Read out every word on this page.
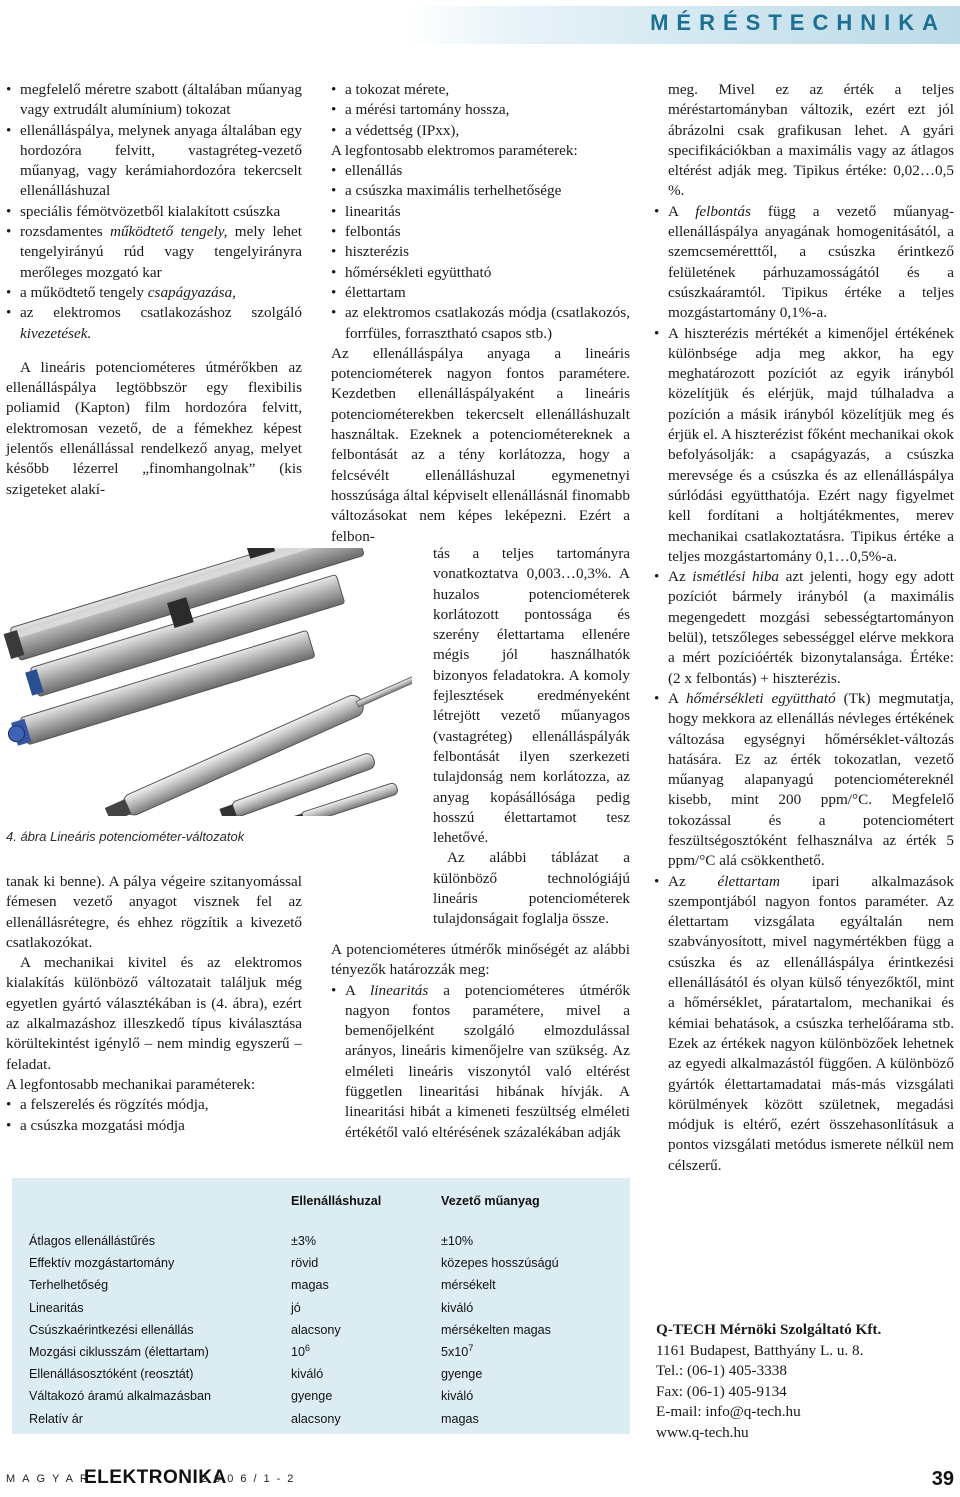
MÉRÉSTECHNIKA
• megfelelő méretre szabott (általában műanyag vagy extrudált alumínium) tokozat
• ellenálláspálya, melynek anyaga általában egy hordozóra felvitt, vastagréteg-vezető műanyag, vagy kerámiahordozóra tekercselt ellenálláshuzal
• speciális fémötvözetből kialakított csúszka
• rozsdamentes működtető tengely, mely lehet tengelyirányú rúd vagy tengelyirányra merőleges mozgató kar
• a működtető tengely csapágyazása,
• az elektromos csatlakozáshoz szolgáló kivezetések.

A lineáris potenciométeres útmérőkben az ellenálláspálya legtöbbször egy flexibilis poliamid (Kapton) film hordozóra felvitt, elektromosan vezető, de a fémekhez képest jelentős ellenállással rendelkező anyag, melyet később lézerrel „finomhangolnak” (kis szigeteket alakí-

4. ábra Lineáris potenciométer-változatok

tanak ki benne). A pálya végeire szitanyomással fémesen vezető anyagot visznek fel az ellenállásrétegre, és ehhez rögzítik a kivezető csatlakozókat.

A mechanikai kivitel és az elektromos kialakítás különböző változatait találjuk még egyetlen gyártó választékában is (4. ábra), ezért az alkalmazáshoz illeszkedő típus kiválasztása körültekintést igénylő – nem mindig egyszerű – feladat.

A legfontosabb mechanikai paraméterek:

• a felszerelés és rögzítés módja,
• a csúszka mozgatási módja
• a tokozat mérete,
• a mérési tartomány hossza,
• a védettség (IPxx),

A legfontosabb elektromos paraméterek:

• ellenállás
• a csúszka maximális terhelhetősége
• linearitás
• felbontás
• hiszterézis
• hőmérsékleti együttható
• élettartam
• az elektromos csatlakozás módja (csatlakozós, forrfüles, forrasztható csapos stb.)

Az ellenálláspálya anyaga a lineáris potenciométerek nagyon fontos paramétere. Kezdetben ellenálláspályaként a lineáris potenciométerekben tekercselt ellenálláshuzalt használtak. Ezeknek a potenciométereknek a felbontását az a tény korlátozza, hogy a felcsévélt ellenálláshuzal egymenetnyi hosszúsága által képviselt ellenállásnál finomabb változásokat nem képes leképezni. Ezért a felbon-

tás a teljes tartományra vonatkoztatva 0,003…0,3%. A huzalos potenciométerek korlátozott pontossága és szerény élettartama ellenére mégis jól használhatók bizonyos feladatokra. A komoly fejlesztések eredményeként létrejött vezető műanyagos (vastagréteg) ellenálláspályák felbontását ilyen szerkezeti tulajdonság nem korlátozza, az anyag kopásállósága pedig hosszú élettartamot tesz lehetővé.

Az alábbi táblázat a különböző technológiájú lineáris potenciométerek tulajdonságait foglalja össze.

A potenciométeres útmérők minőségét az alábbi tényezők határozzák meg:

• A linearitás a potenciométeres útmérők nagyon fontos paramétere, mivel a bemenőjelként szolgáló elmozdulással arányos, lineáris kimenőjelre van szükség. Az elméleti lineáris viszonytól való eltérést független linearitási hibának hívják. A linearitási hibát a kimeneti feszültség elméleti értékétől való eltérésének százalékában adják

meg. Mivel ez az érték a teljes méréstartományban változik, ezért ezt jól ábrázolni csak grafikusan lehet. A gyári specifikációkban a maximális vagy az átlagos eltérést adják meg. Tipikus értéke: 0,02…0,5 %.

• A felbontás függ a vezető műanyag-ellenálláspálya anyagának homogenitásától, a szemcseméretttől, a csúszka érintkező felületének párhuzamosságától és a csúszkaáramtól. Tipikus értéke a teljes mozgástartomány 0,1%-a.
• A hiszterézis mértékét a kimenőjel értékének különbsége adja meg akkor, ha egy meghatározott pozíciót az egyik irányból közelítjük és elérjük, majd túlhaladva a pozíción a másik irányból közelítjük meg és érjük el. A hiszterézist főként mechanikai okok befolyásolják: a csapágyazás, a csúszka merevsége és a csúszka és az ellenálláspálya súrlódási együtthatója. Ezért nagy figyelmet kell fordítani a holtjátékmentes, merev mechanikai csatlakoztatásra. Tipikus értéke a teljes mozgástartomány 0,1…0,5%-a.
• Az ismétlési hiba azt jelenti, hogy egy adott pozíciót bármely irányból (a maximális megengedett mozgási sebességtartományon belül), tetszőleges sebességgel elérve mekkora a mért pozícióérték bizonytalansága. Értéke: (2 x felbontás) + hiszterézis.
• A hőmérsékleti együttható (Tk) megmutatja, hogy mekkora az ellenállás névleges értékének változása egységnyi hőmérséklet-változás hatására. Ez az érték tokozatlan, vezető műanyag alapanyagú potenciométereknél kisebb, mint 200 ppm/°C. Megfelelő tokozással és a potenciométert feszültségosztóként felhasználva az érték 5 ppm/°C alá csökkenthető.
• Az élettartam ipari alkalmazások szempontjából nagyon fontos paraméter. Az élettartam vizsgálata egyáltalán nem szabványosított, mivel nagymértékben függ a csúszka és az ellenálláspálya érintkezési ellenállásától és olyan külső tényezőktől, mint a hőmérséklet, páratartalom, mechanikai és kémiai behatások, a csúszka terhelőárama stb. Ezek az értékek nagyon különbözőek lehetnek az egyedi alkalmazástól függően. A különböző gyártók élettartamadatai más-más vizsgálati körülmények között születnek, megadási módjuk is eltérő, ezért összehasonlításuk a pontos vizsgálati metódus ismerete nélkül nem célszerű.
Q-TECH Mérnöki Szolgáltató Kft.
1161 Budapest, Batthyány L. u. 8.
Tel.: (06-1) 405-3338
Fax: (06-1) 405-9134
E-mail: info@q-tech.hu
www.q-tech.hu
	Ellenálláshuzal	Vezető műanyag

Átlagos ellenállástűrés	±3%	±10%
Effektív mozgástartomány	rövid	közepes hosszúságú
Terhelhetőség	magas	mérsékelt
Linearitás	jó	kiváló
Csúszkaérintkezési ellenállás	alacsony	mérsékelten magas
Mozgási ciklusszám (élettartam)	$10^6$	$5x10^7$
Ellenállásosztóként (reosztát)	kiváló	gyenge
Váltakozó áramú alkalmazásban	gyenge	kiváló
Relatív ár	alacsony	magas
MAGYAR
ELEKTRONIKA
2006/1-2	39
